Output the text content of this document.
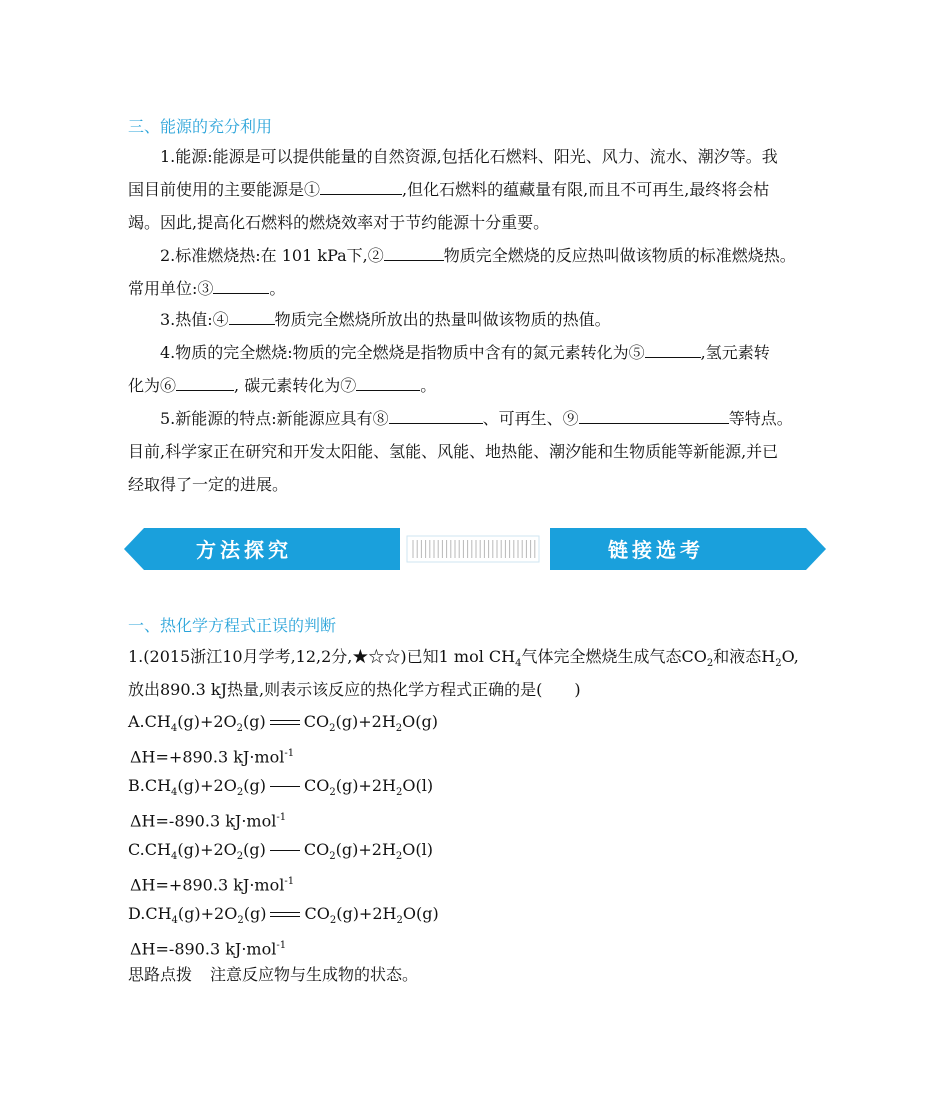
三、能源的充分利用
1.能源:能源是可以提供能量的自然资源,包括化石燃料、阳光、风力、流水、潮汐等。我
国目前使用的主要能源是①	,但化石燃料的蕴藏量有限,而且不可再生,最终将会枯
竭。因此,提高化石燃料的燃烧效率对于节约能源十分重要。
2.标准燃烧热:在 101 kPa下,②	物质完全燃烧的反应热叫做该物质的标准燃烧热。
常用单位:③	。
3.热值:④	物质完全燃烧所放出的热量叫做该物质的热值。
4.物质的完全燃烧:物质的完全燃烧是指物质中含有的氮元素转化为⑤	,氢元素转
化为⑥	, 碳元素转化为⑦	。
5.新能源的特点:新能源应具有⑧	、可再生、⑨	等特点。
目前,科学家正在研究和开发太阳能、氢能、风能、地热能、潮汐能和生物质能等新能源,并已
经取得了一定的进展。
方法探究	链接选考
一、热化学方程式正误的判断
1.(2015浙江10月学考,12,2分,★☆☆)已知1 mol $CH_4$气体完全燃烧生成气态$CO_2$和液态$H_2O$,
放出890.3 kJ热量,则表示该反应的热化学方程式正确的是(　　)
$A.CH_4(g)+2O_2(g)$ $CO_2(g)+2H_2O(g)$
ΔH=+890.3 kJ·mol$^{-1}$
$B.CH_4(g)+2O_2(g)$ $CO_2(g)+2H_2O(l)$
ΔH=-890.3 kJ·mol$^{-1}$
$C.CH_4(g)+2O_2(g)$ $CO_2(g)+2H_2O(l)$
ΔH=+890.3 kJ·mol$^{-1}$
$D.CH_4(g)+2O_2(g)$ $CO_2(g)+2H_2O(g)$
ΔH=-890.3 kJ·mol$^{-1}$
思路点拨 注意反应物与生成物的状态。
